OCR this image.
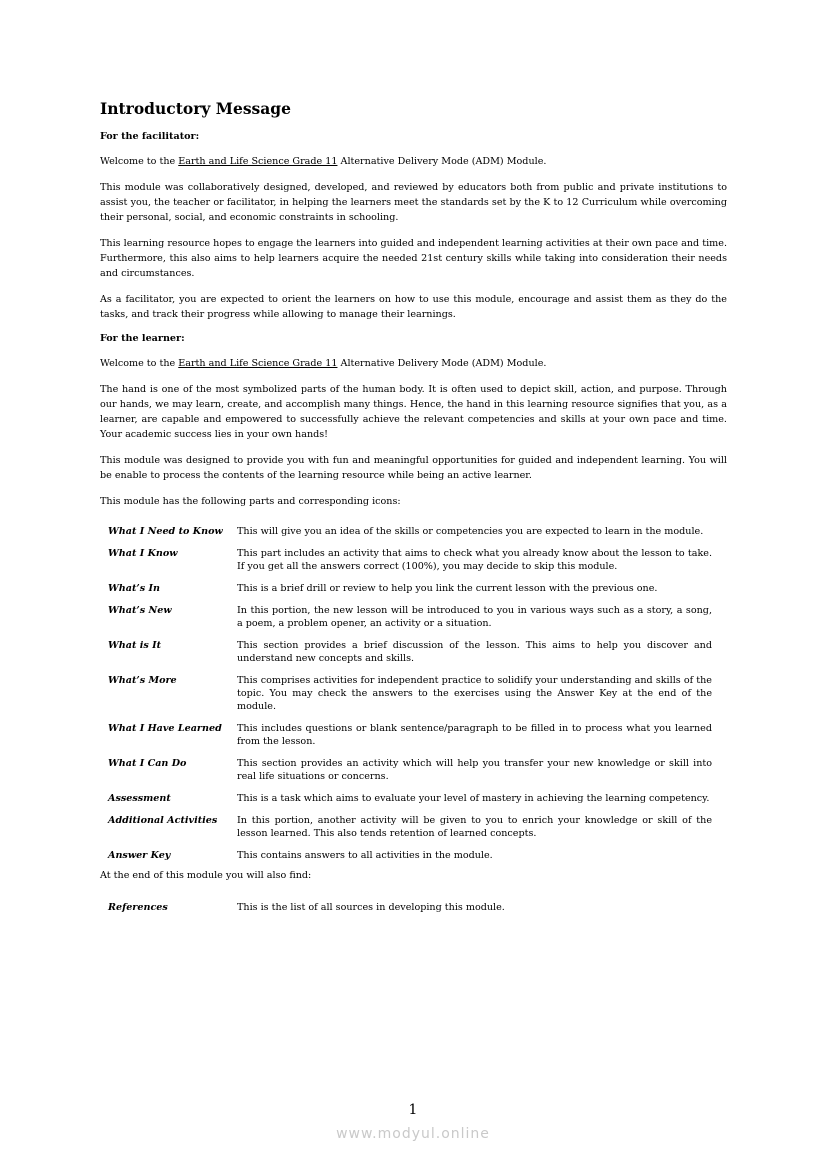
Introductory Message
For the facilitator:

Welcome to the Earth and Life Science Grade 11 Alternative Delivery Mode (ADM) Module.

This module was collaboratively designed, developed, and reviewed by educators both from public and private institutions to assist you, the teacher or facilitator, in helping the learners meet the standards set by the K to 12 Curriculum while overcoming their personal, social, and economic constraints in schooling.

This learning resource hopes to engage the learners into guided and independent learning activities at their own pace and time. Furthermore, this also aims to help learners acquire the needed 21st century skills while taking into consideration their needs and circumstances.

As a facilitator, you are expected to orient the learners on how to use this module, encourage and assist them as they do the tasks, and track their progress while allowing to manage their learnings.

For the learner:

Welcome to the Earth and Life Science Grade 11 Alternative Delivery Mode (ADM) Module.

The hand is one of the most symbolized parts of the human body. It is often used to depict skill, action, and purpose. Through our hands, we may learn, create, and accomplish many things. Hence, the hand in this learning resource signifies that you, as a learner, are capable and empowered to successfully achieve the relevant competencies and skills at your own pace and time. Your academic success lies in your own hands!

This module was designed to provide you with fun and meaningful opportunities for guided and independent learning. You will be enable to process the contents of the learning resource while being an active learner.

This module has the following parts and corresponding icons:

What I Need to Know	This will give you an idea of the skills or competencies you are expected to learn in the module.
What I Know	This part includes an activity that aims to check what you already know about the lesson to take. If you get all the answers correct (100%), you may decide to skip this module.
What’s In	This is a brief drill or review to help you link the current lesson with the previous one.
What’s New	In this portion, the new lesson will be introduced to you in various ways such as a story, a song, a poem, a problem opener, an activity or a situation.
What is It	This section provides a brief discussion of the lesson. This aims to help you discover and understand new concepts and skills.
What’s More	This comprises activities for independent practice to solidify your understanding and skills of the topic. You may check the answers to the exercises using the Answer Key at the end of the module.
What I Have Learned	This includes questions or blank sentence/paragraph to be filled in to process what you learned from the lesson.
What I Can Do	This section provides an activity which will help you transfer your new knowledge or skill into real life situations or concerns.
Assessment	This is a task which aims to evaluate your level of mastery in achieving the learning competency.
Additional Activities	In this portion, another activity will be given to you to enrich your knowledge or skill of the lesson learned. This also tends retention of learned concepts.
Answer Key	This contains answers to all activities in the module.
At the end of this module you will also find:
References	This is the list of all sources in developing this module.
1
www.modyul.online
